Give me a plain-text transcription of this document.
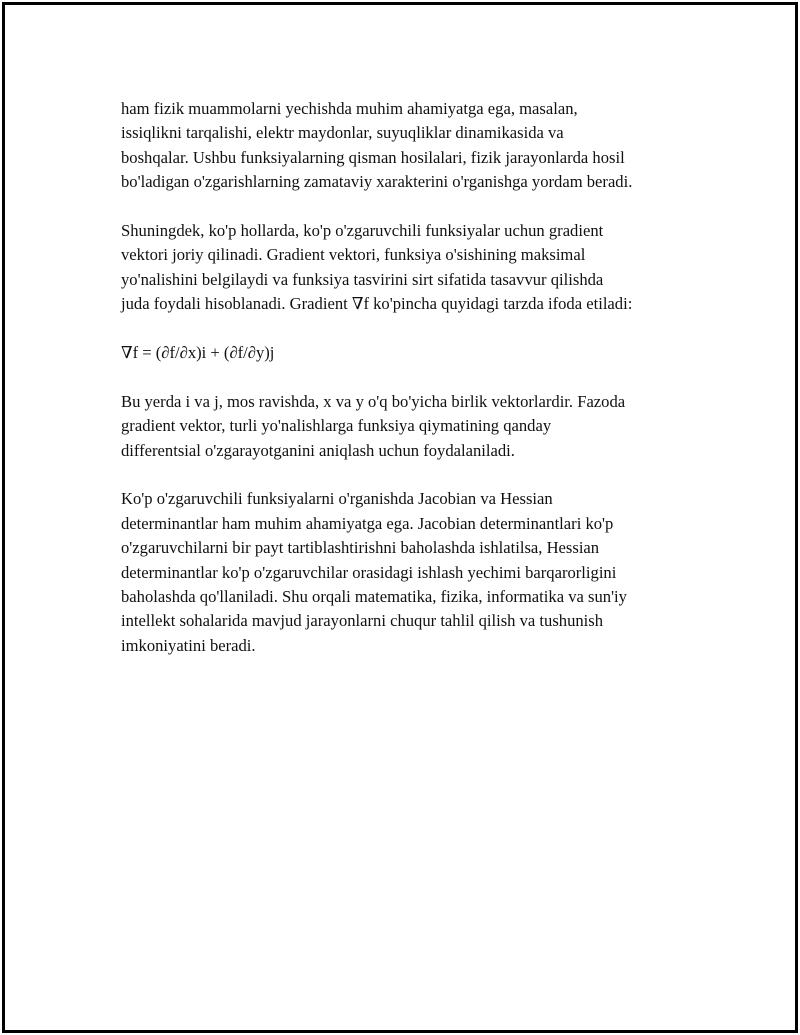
ham fizik muammolarni yechishda muhim ahamiyatga ega, masalan,
issiqlikni tarqalishi, elektr maydonlar, suyuqliklar dinamikasida va
boshqalar. Ushbu funksiyalarning qisman hosilalari, fizik jarayonlarda hosil
bo'ladigan o'zgarishlarning zamataviy xarakterini o'rganishga yordam beradi.

Shuningdek, ko'p hollarda, ko'p o'zgaruvchili funksiyalar uchun gradient
vektori joriy qilinadi. Gradient vektori, funksiya o'sishining maksimal
yo'nalishini belgilaydi va funksiya tasvirini sirt sifatida tasavvur qilishda
juda foydali hisoblanadi. Gradient ∇f ko'pincha quyidagi tarzda ifoda etiladi:

∇f = (∂f/∂x)i + (∂f/∂y)j

Bu yerda i va j, mos ravishda, x va y o'q bo'yicha birlik vektorlardir. Fazoda
gradient vektor, turli yo'nalishlarga funksiya qiymatining qanday
differentsial o'zgarayotganini aniqlash uchun foydalaniladi.

Ko'p o'zgaruvchili funksiyalarni o'rganishda Jacobian va Hessian
determinantlar ham muhim ahamiyatga ega. Jacobian determinantlari ko'p
o'zgaruvchilarni bir payt tartiblashtirishni baholashda ishlatilsa, Hessian
determinantlar ko'p o'zgaruvchilar orasidagi ishlash yechimi barqarorligini
baholashda qo'llaniladi. Shu orqali matematika, fizika, informatika va sun'iy
intellekt sohalarida mavjud jarayonlarni chuqur tahlil qilish va tushunish
imkoniyatini beradi.
